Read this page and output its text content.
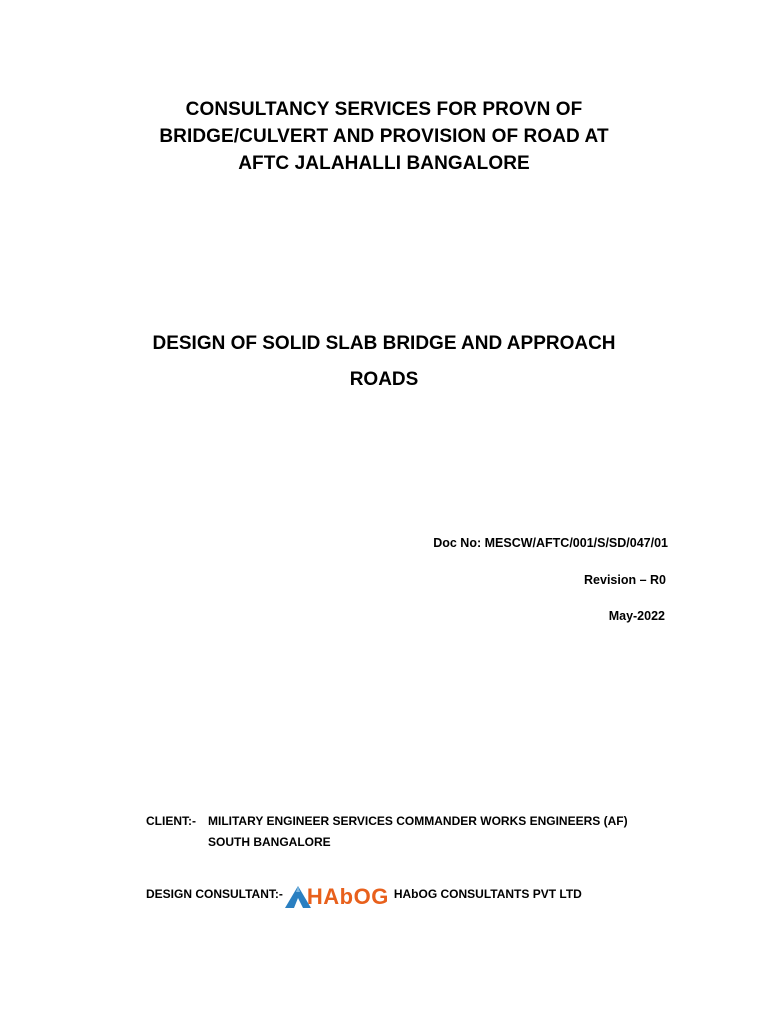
CONSULTANCY SERVICES FOR PROVN OF
BRIDGE/CULVERT AND PROVISION OF ROAD AT
AFTC JALAHALLI BANGALORE
DESIGN OF SOLID SLAB BRIDGE AND APPROACH
ROADS
Doc No: MESCW/AFTC/001/S/SD/047/01
Revision – R0
May-2022
CLIENT:- MILITARY ENGINEER SERVICES COMMANDER WORKS ENGINEERS (AF)
SOUTH BANGALORE
DESIGN CONSULTANT:- HAbOG HAbOG CONSULTANTS PVT LTD
